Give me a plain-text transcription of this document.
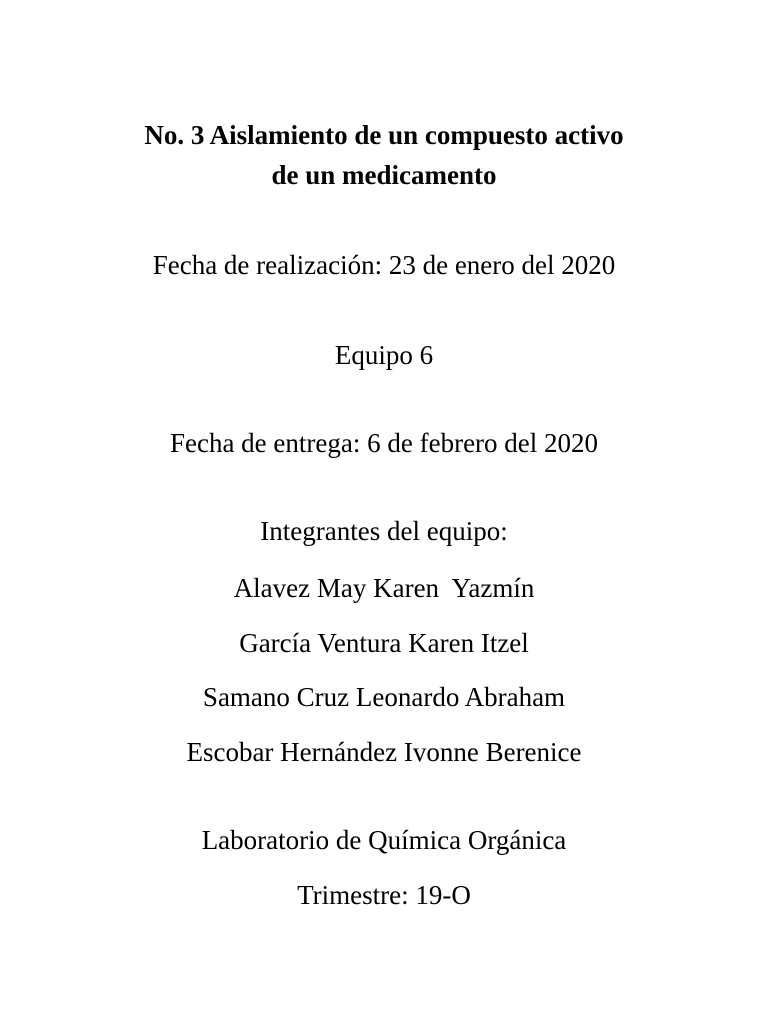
No. 3 Aislamiento de un compuesto activo
de un medicamento
Fecha de realización: 23 de enero del 2020
Equipo 6
Fecha de entrega: 6 de febrero del 2020
Integrantes del equipo:
Alavez May Karen  Yazmín
García Ventura Karen Itzel
Samano Cruz Leonardo Abraham
Escobar Hernández Ivonne Berenice
Laboratorio de Química Orgánica
Trimestre: 19-O
